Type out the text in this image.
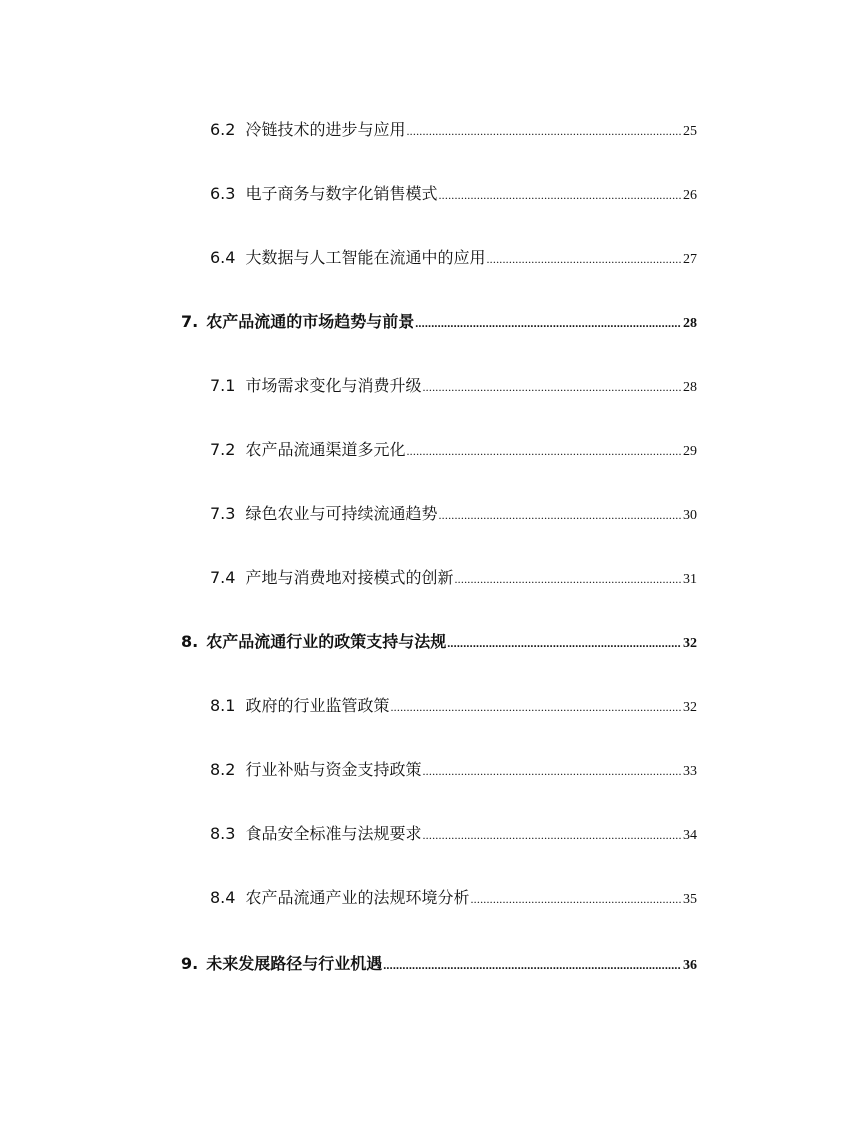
6.2 冷链技术的进步与应用 .....	25
6.3 电子商务与数字化销售模式 .....	26
6.4 大数据与人工智能在流通中的应用 .....	27
7. 农产品流通的市场趋势与前景 .....	28
7.1 市场需求变化与消费升级 .....	28
7.2 农产品流通渠道多元化 .....	29
7.3 绿色农业与可持续流通趋势 .....	30
7.4 产地与消费地对接模式的创新 .....	31
8. 农产品流通行业的政策支持与法规 .....	32
8.1 政府的行业监管政策 .....	32
8.2 行业补贴与资金支持政策 .....	33
8.3 食品安全标准与法规要求 .....	34
8.4 农产品流通产业的法规环境分析 .....	35
9. 未来发展路径与行业机遇 .....	36
